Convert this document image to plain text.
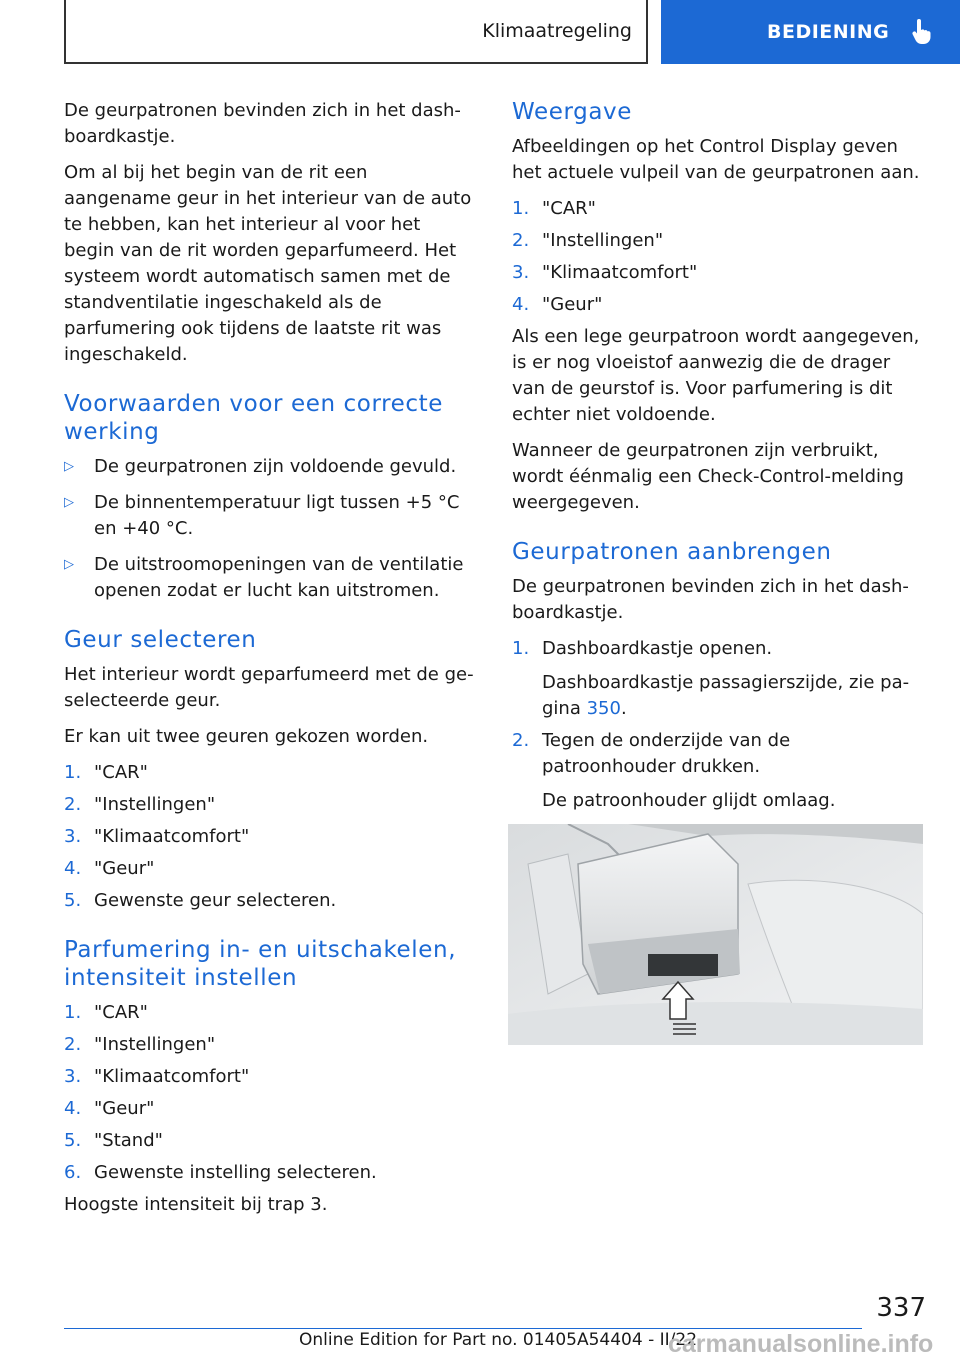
Klimaatregeling	BEDIENING

De geurpatronen bevinden zich in het dashboardkastje.

Om al bij het begin van de rit een aangename geur in het interieur van de auto te hebben, kan het interieur al voor het begin van de rit worden geparfumeerd. Het systeem wordt automatisch samen met de standventilatie ingeschakeld als de parfumering ook tijdens de laatste rit was ingeschakeld.

Voorwaarden voor een correcte werking
▷ De geurpatronen zijn voldoende gevuld.
▷ De binnentemperatuur ligt tussen +5 °C en +40 °C.
▷ De uitstroomopeningen van de ventilatie openen zodat er lucht kan uitstromen.
Geur selecteren

Het interieur wordt geparfumeerd met de geselecteerde geur.

Er kan uit twee geuren gekozen worden.

1. "CAR"
2. "Instellingen"
3. "Klimaatcomfort"
4. "Geur"
5. Gewenste geur selecteren.
Parfumering in- en uitschakelen, intensiteit instellen
1. "CAR"
2. "Instellingen"
3. "Klimaatcomfort"
4. "Geur"
5. "Stand"
6. Gewenste instelling selecteren.

Hoogste intensiteit bij trap 3.

Weergave

Afbeeldingen op het Control Display geven het actuele vulpeil van de geurpatronen aan.

1. "CAR"
2. "Instellingen"
3. "Klimaatcomfort"
4. "Geur"

Als een lege geurpatroon wordt aangegeven, is er nog vloeistof aanwezig die de drager van de geurstof is. Voor parfumering is dit echter niet voldoende.

Wanneer de geurpatronen zijn verbruikt, wordt éénmalig een Check-Control-melding weergegeven.

Geurpatronen aanbrengen

De geurpatronen bevinden zich in het dashboardkastje.

1. Dashboardkastje openen.
Dashboardkastje passagierszijde, zie pagina 350.
2. Tegen de onderzijde van de patroonhouder drukken.
De patroonhouder glijdt omlaag.
337
Online Edition for Part no. 01405A54404 - II/22
carmanualsonline.info
